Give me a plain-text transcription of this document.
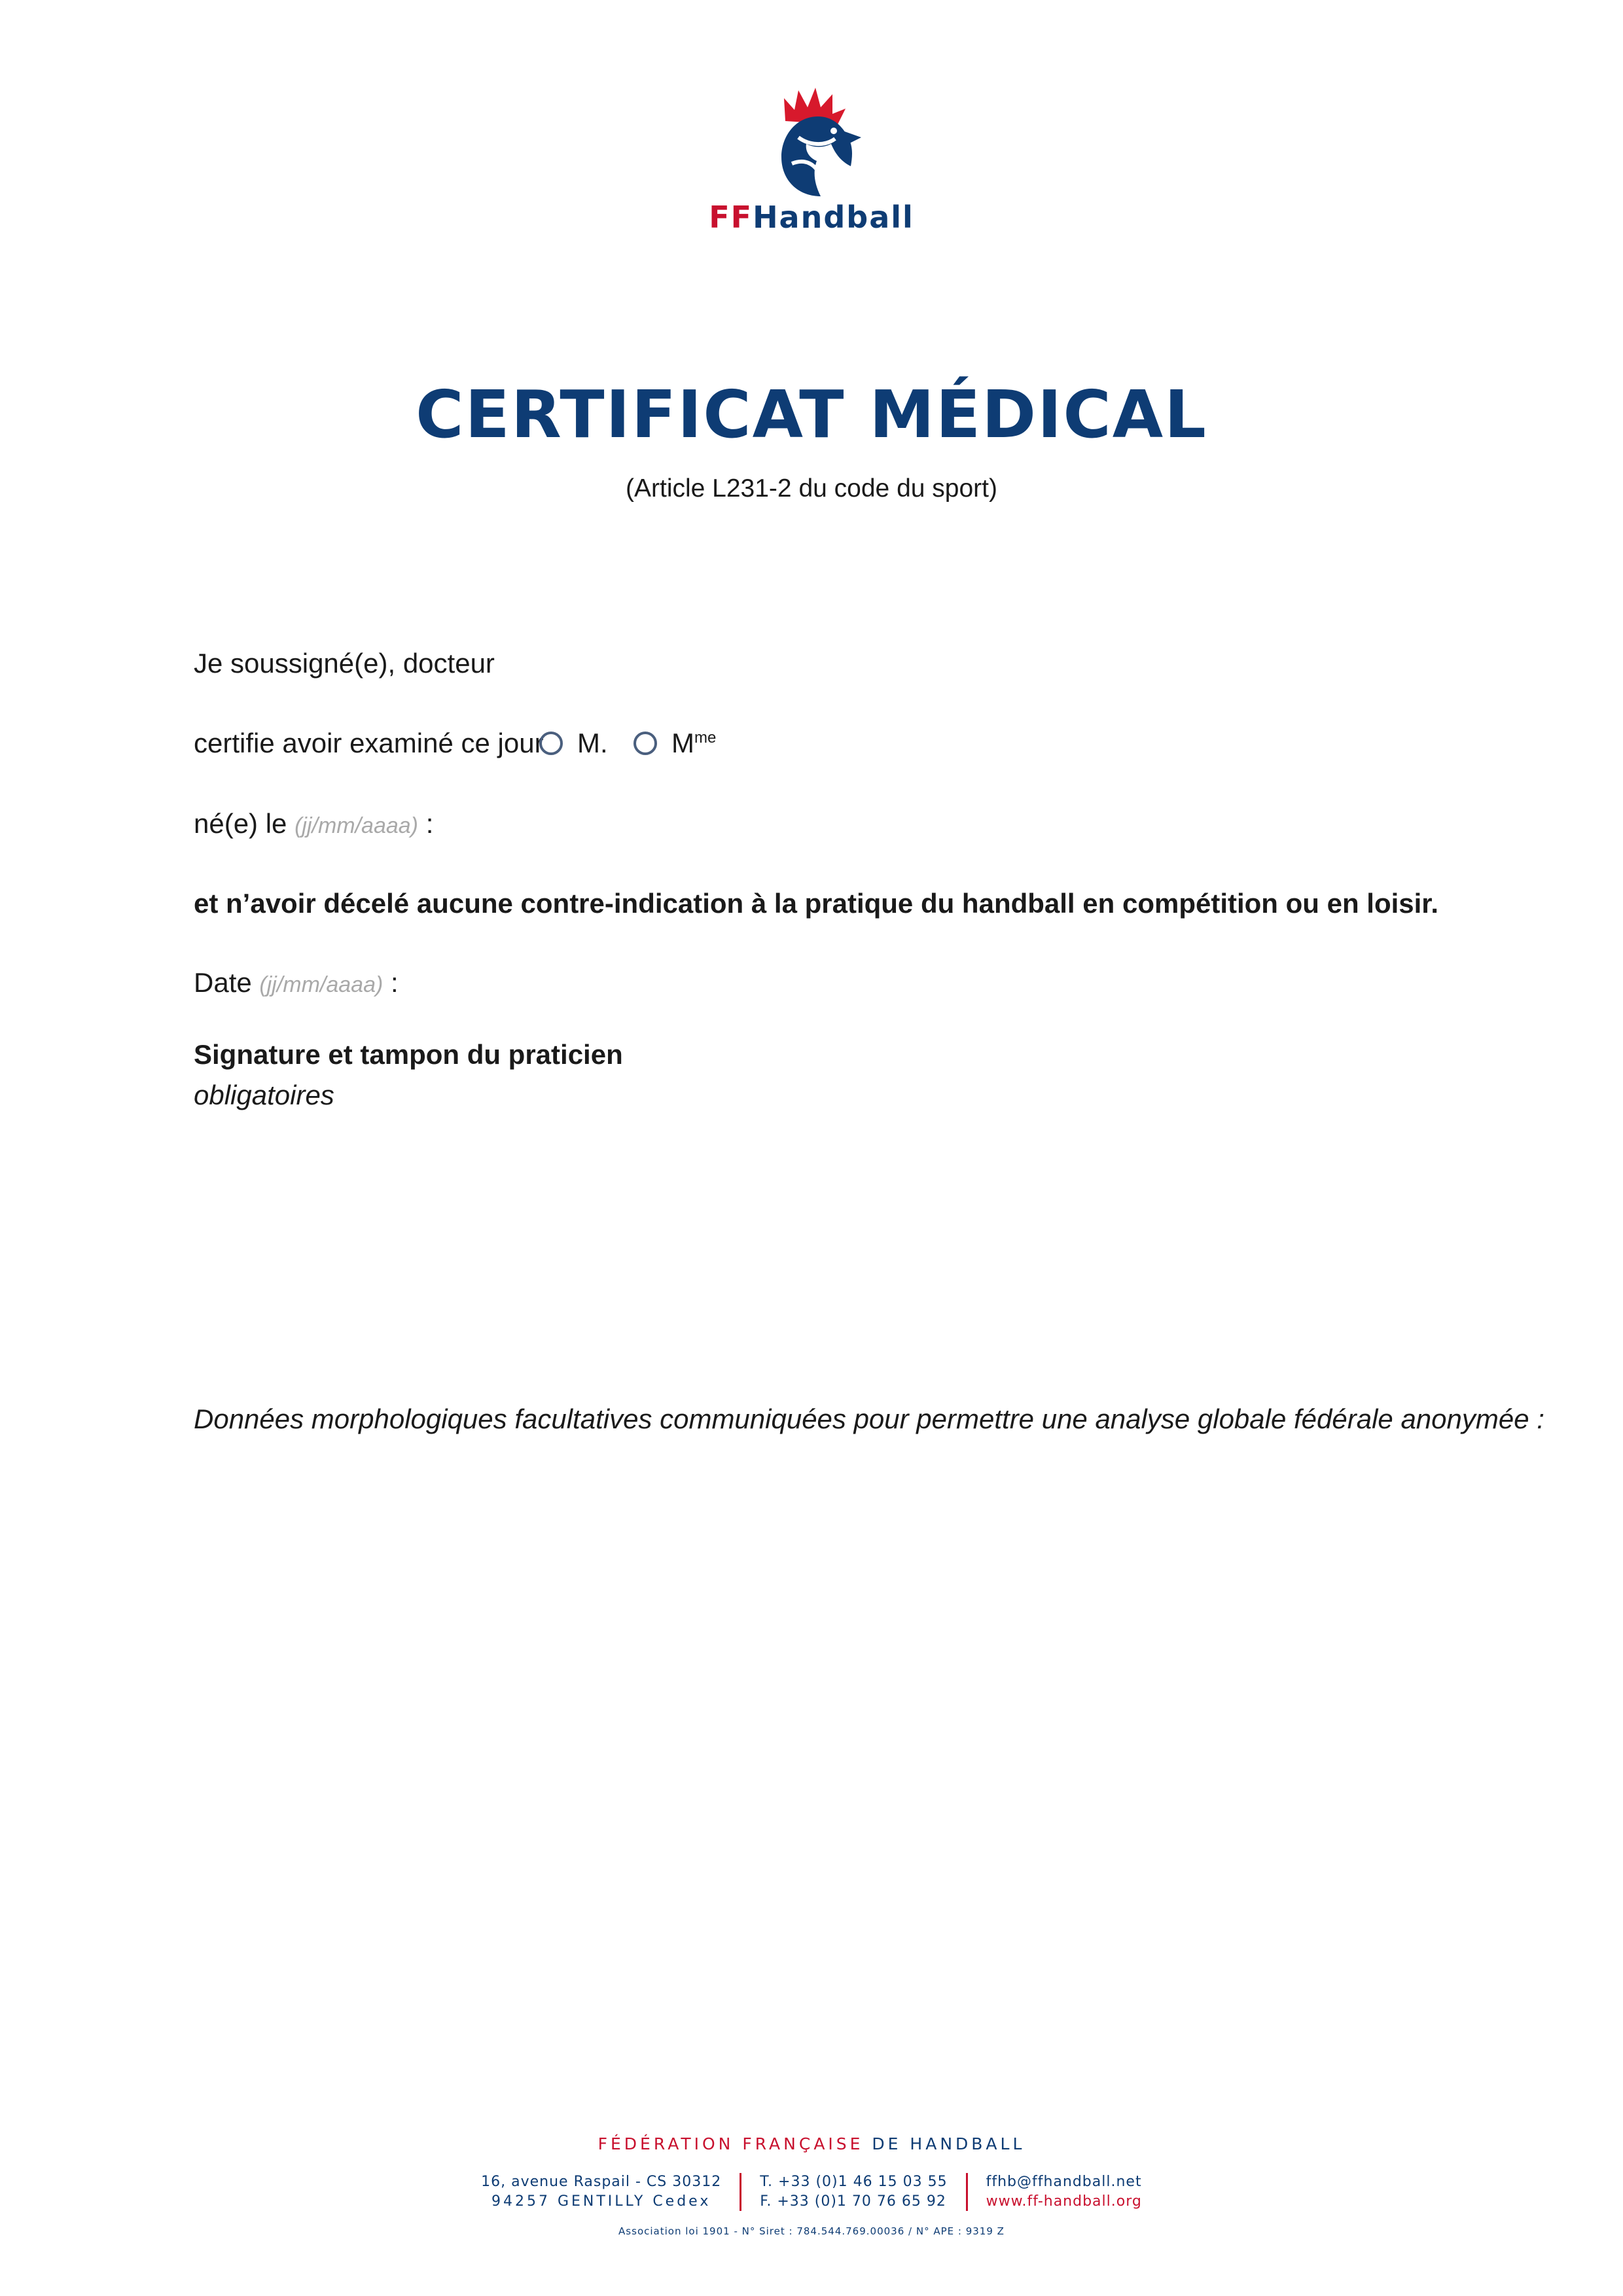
FFHandball
CERTIFICAT MÉDICAL
(Article L231-2 du code du sport)
Je soussigné(e), docteur
certifie avoir examiné ce jour M. $M^{me}$
né(e) le (jj/mm/aaaa) :
et n’avoir décelé aucune contre-indication à la pratique du handball en compétition ou en loisir.
Date (jj/mm/aaaa) :
Signature et tampon du praticien
obligatoires
Données morphologiques facultatives communiquées pour permettre une analyse globale fédérale anonymée :
FÉDÉRATION FRANÇAISE DE HANDBALL
16, avenue Raspail - CS 30312
94257 GENTILLY Cedex
T. +33 (0)1 46 15 03 55
F. +33 (0)1 70 76 65 92
ffhb@ffhandball.net
www.ff-handball.org
Association loi 1901 - N° Siret : 784.544.769.00036 / N° APE : 9319 Z
